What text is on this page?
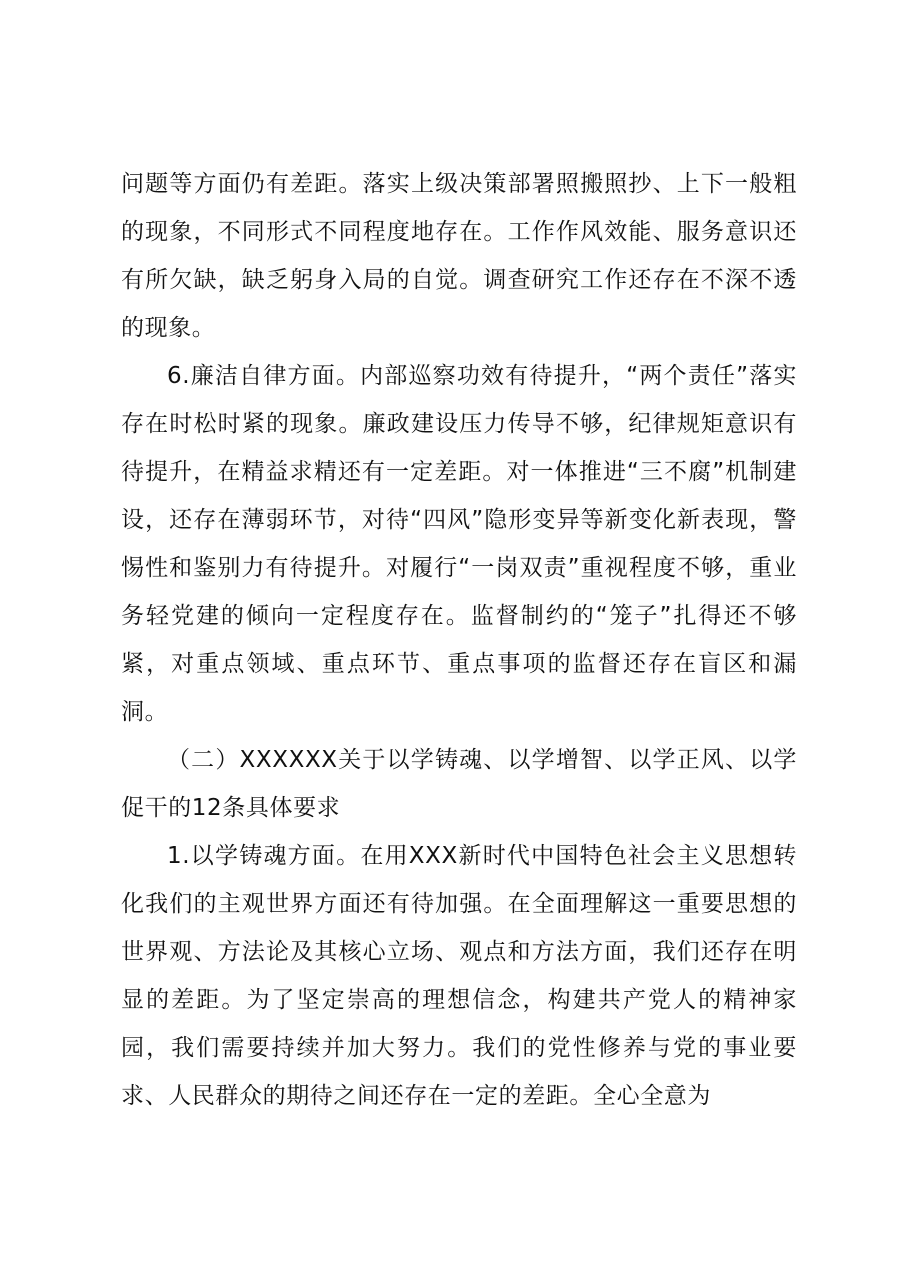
问题等方面仍有差距。落实上级决策部署照搬照抄、上下一般粗的现象，不同形式不同程度地存在。工作作风效能、服务意识还有所欠缺，缺乏躬身入局的自觉。调查研究工作还存在不深不透的现象。

6.廉洁自律方面。内部巡察功效有待提升，“两个责任”落实存在时松时紧的现象。廉政建设压力传导不够，纪律规矩意识有待提升，在精益求精还有一定差距。对一体推进“三不腐”机制建设，还存在薄弱环节，对待“四风”隐形变异等新变化新表现，警惕性和鉴别力有待提升。对履行“一岗双责”重视程度不够，重业务轻党建的倾向一定程度存在。监督制约的“笼子”扎得还不够紧，对重点领域、重点环节、重点事项的监督还存在盲区和漏洞。

（二）XXXXXX关于以学铸魂、以学增智、以学正风、以学促干的12条具体要求

1.以学铸魂方面。在用XXX新时代中国特色社会主义思想转化我们的主观世界方面还有待加强。在全面理解这一重要思想的世界观、方法论及其核心立场、观点和方法方面，我们还存在明显的差距。为了坚定崇高的理想信念，构建共产党人的精神家园，我们需要持续并加大努力。我们的党性修养与党的事业要求、人民群众的期待之间还存在一定的差距。全心全意为
